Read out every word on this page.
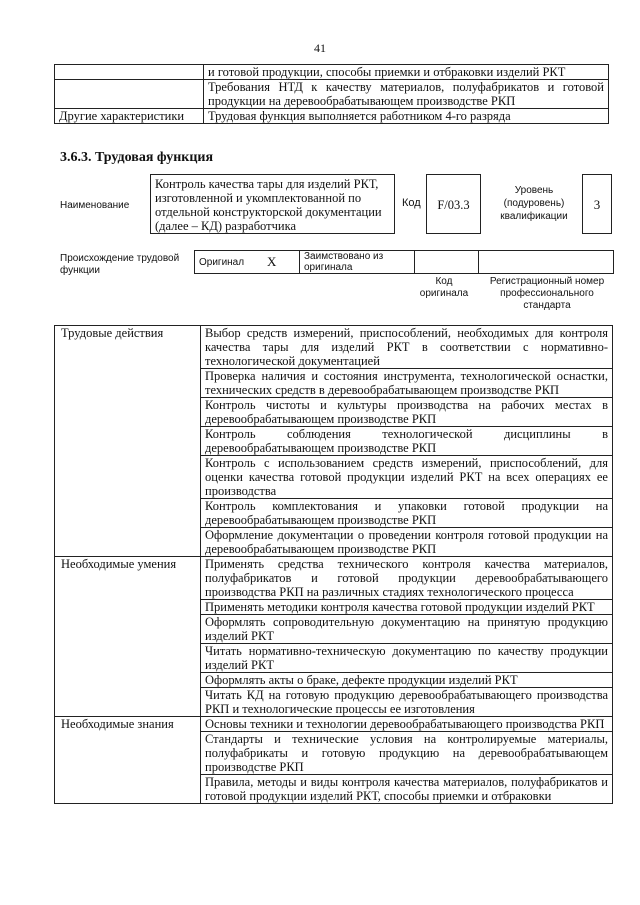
41
	и готовой продукции, способы приемки и отбраковки изделий РКТ
	Требования НТД к качеству материалов, полуфабрикатов и готовой продукции на деревообрабатывающем производстве РКП
Другие характеристики	Трудовая функция выполняется работником 4-го разряда
3.6.3. Трудовая функция
Наименование
Контроль качества тары для изделий РКТ, изготовленной и укомплектованной по отдельной конструкторской документации (далее – КД) разработчика
Код	F/03.3
Уровень (подуровень) квалификации
3
Происхождение трудовой функции
Оригинал	X	Заимствовано из оригинала		
Код оригинала
Регистрационный номер профессионального стандарта
Трудовые действия	Выбор средств измерений, приспособлений, необходимых для контроля качества тары для изделий РКТ в соответствии с нормативно-технологической документацией
	Проверка наличия и состояния инструмента, технологической оснастки, технических средств в деревообрабатывающем производстве РКП
	Контроль чистоты и культуры производства на рабочих местах в деревообрабатывающем производстве РКП
	Контроль соблюдения технологической дисциплины в деревообрабатывающем производстве РКП
	Контроль с использованием средств измерений, приспособлений, для оценки качества готовой продукции изделий РКТ на всех операциях ее производства
	Контроль комплектования и упаковки готовой продукции на деревообрабатывающем производстве РКП
	Оформление документации о проведении контроля готовой продукции на деревообрабатывающем производстве РКП
Необходимые умения	Применять средства технического контроля качества материалов, полуфабрикатов и готовой продукции деревообрабатывающего производства РКП на различных стадиях технологического процесса
	Применять методики контроля качества готовой продукции изделий РКТ
	Оформлять сопроводительную документацию на принятую продукцию изделий РКТ
	Читать нормативно-техническую документацию по качеству продукции изделий РКТ
	Оформлять акты о браке, дефекте продукции изделий РКТ
	Читать КД на готовую продукцию деревообрабатывающего производства РКП и технологические процессы ее изготовления
Необходимые знания	Основы техники и технологии деревообрабатывающего производства РКП
	Стандарты и технические условия на контролируемые материалы, полуфабрикаты и готовую продукцию на деревообрабатывающем производстве РКП
	Правила, методы и виды контроля качества материалов, полуфабрикатов и готовой продукции изделий РКТ, способы приемки и отбраковки
